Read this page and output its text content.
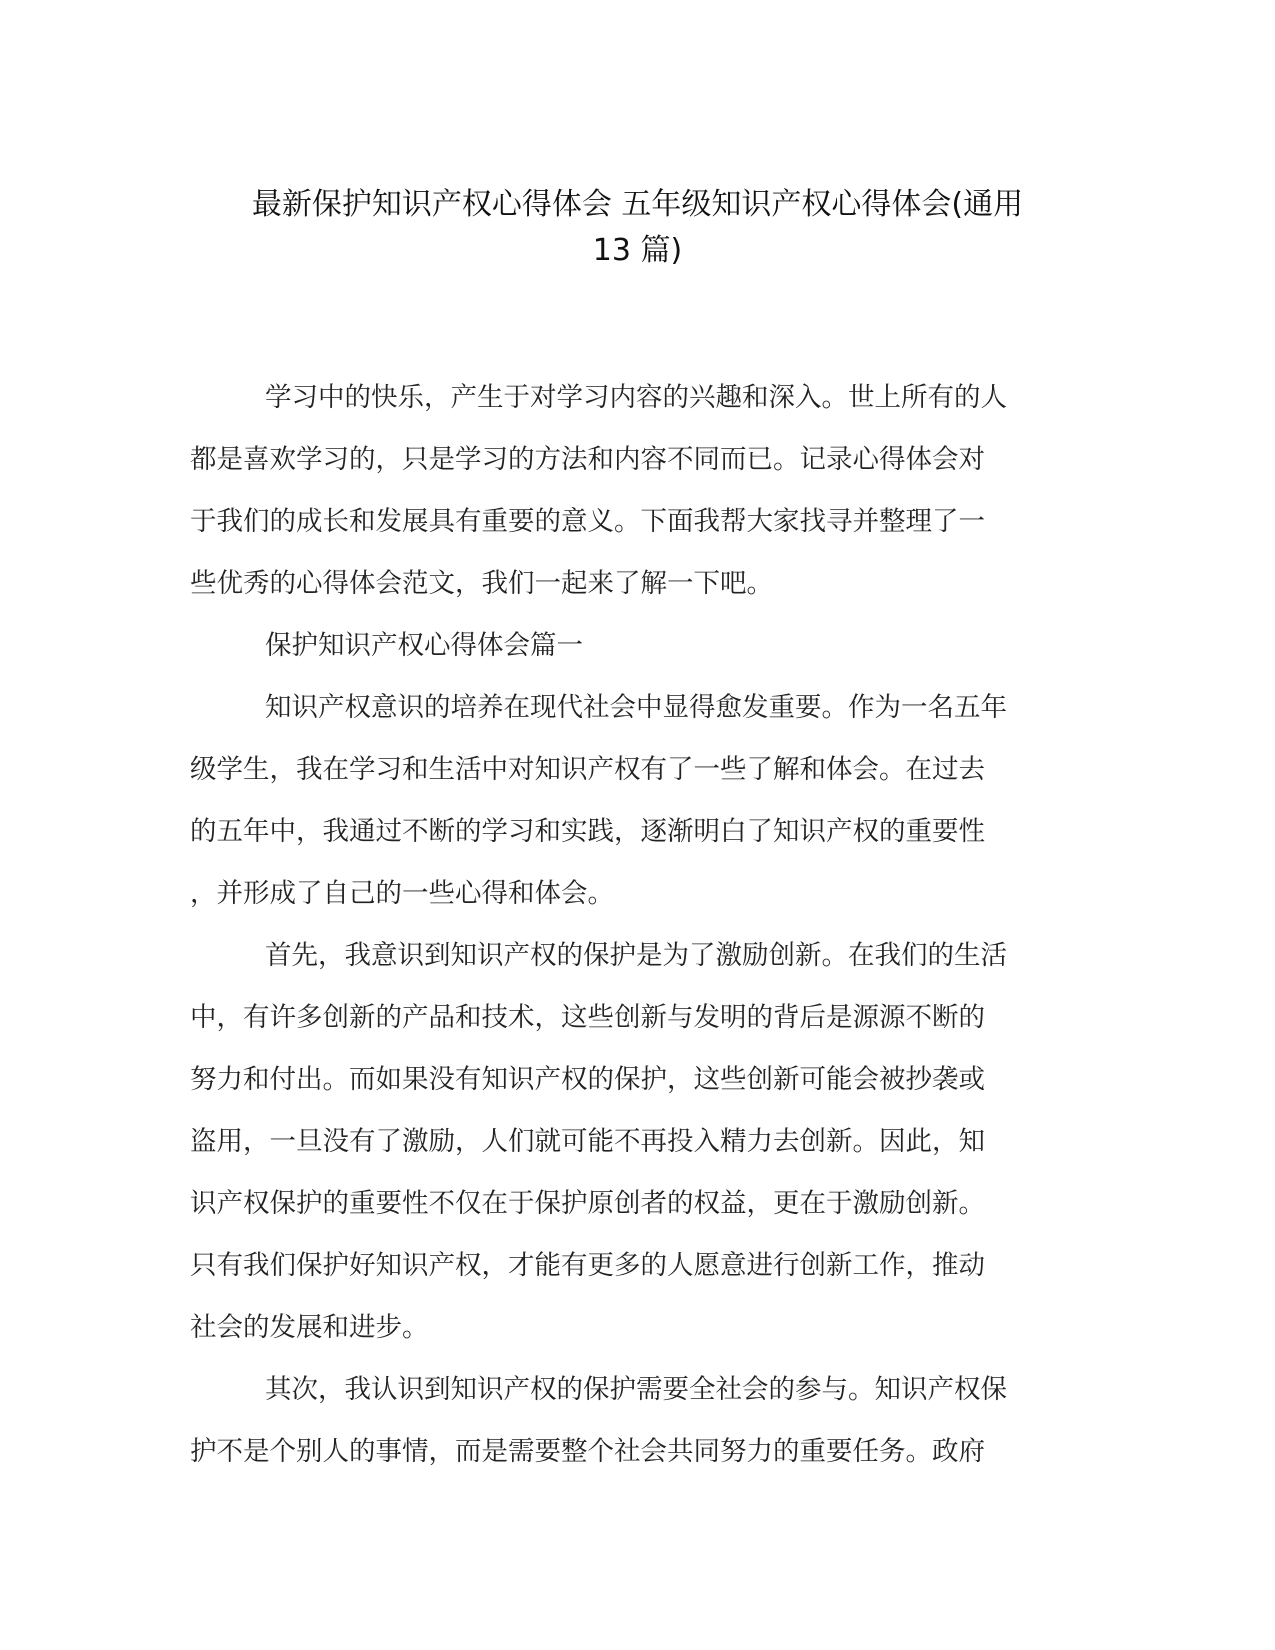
最新保护知识产权心得体会 五年级知识产权心得体会(通用
13 篇)
学习中的快乐，产生于对学习内容的兴趣和深入。世上所有的人
都是喜欢学习的，只是学习的方法和内容不同而已。记录心得体会对
于我们的成长和发展具有重要的意义。下面我帮大家找寻并整理了一
些优秀的心得体会范文，我们一起来了解一下吧。
保护知识产权心得体会篇一
知识产权意识的培养在现代社会中显得愈发重要。作为一名五年
级学生，我在学习和生活中对知识产权有了一些了解和体会。在过去
的五年中，我通过不断的学习和实践，逐渐明白了知识产权的重要性
，并形成了自己的一些心得和体会。
首先，我意识到知识产权的保护是为了激励创新。在我们的生活
中，有许多创新的产品和技术，这些创新与发明的背后是源源不断的
努力和付出。而如果没有知识产权的保护，这些创新可能会被抄袭或
盗用，一旦没有了激励，人们就可能不再投入精力去创新。因此，知
识产权保护的重要性不仅在于保护原创者的权益，更在于激励创新。
只有我们保护好知识产权，才能有更多的人愿意进行创新工作，推动
社会的发展和进步。
其次，我认识到知识产权的保护需要全社会的参与。知识产权保
护不是个别人的事情，而是需要整个社会共同努力的重要任务。政府
